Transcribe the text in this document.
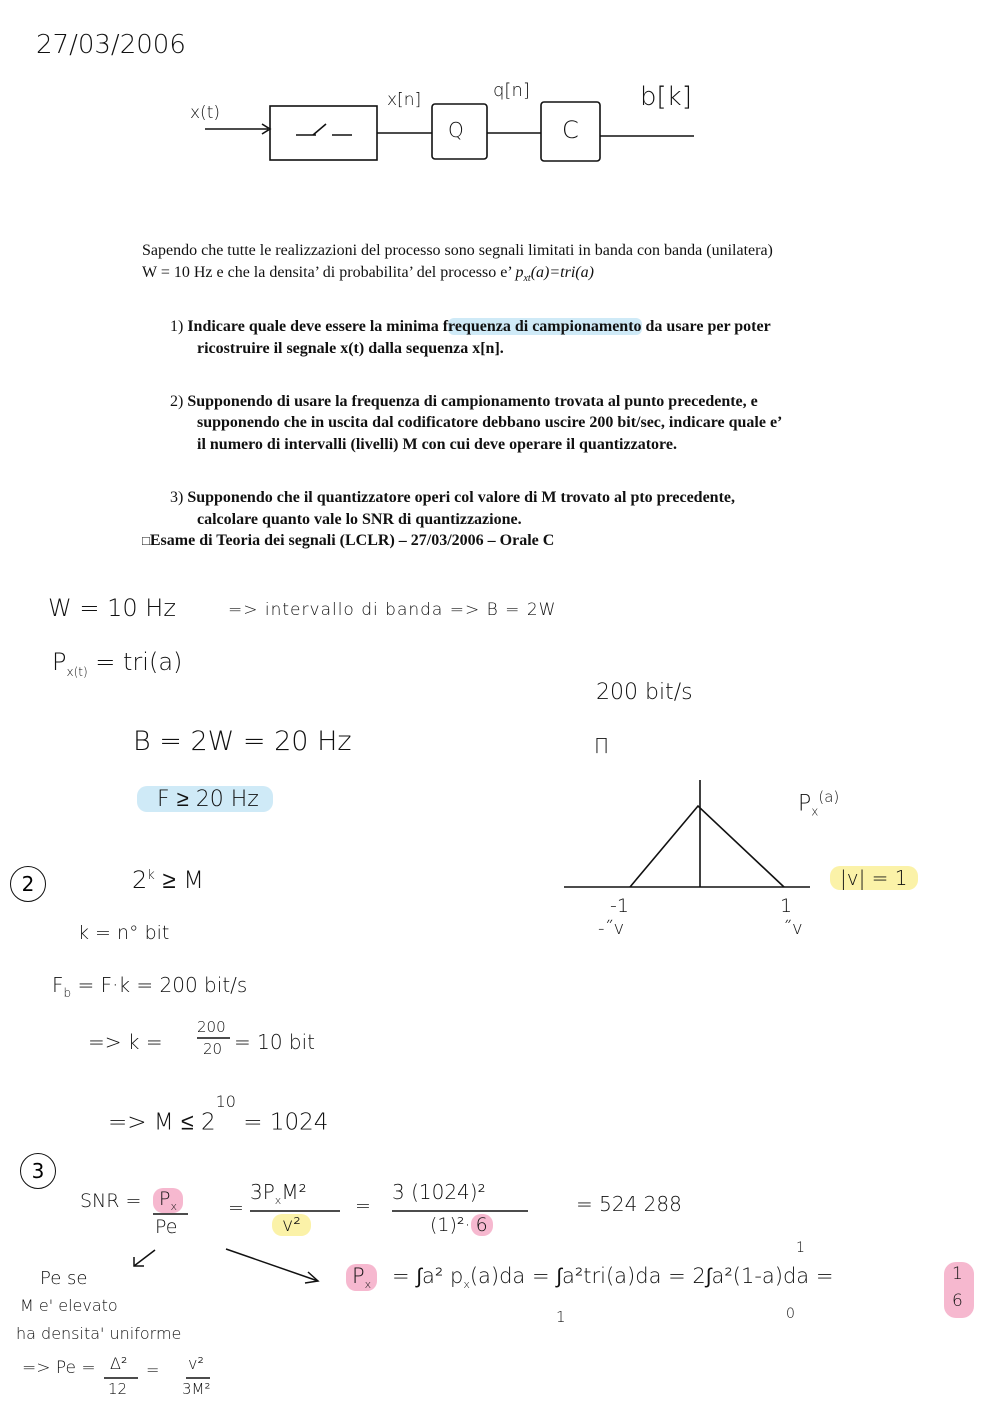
27/03/2006
x(t)
x[n]
Q
q[n]
C
b[k]
Sapendo che tutte le realizzazioni del processo sono segnali limitati in banda con banda (unilatera)
W = 10 Hz e che la densita’ di probabilita’ del processo e’ $p_{xt}(a)=tri(a)$
1) Indicare quale deve essere la minima frequenza di campionamento da usare per poter
ricostruire il segnale x(t) dalla sequenza x[n].
2) Supponendo di usare la frequenza di campionamento trovata al punto precedente, e
supponendo che in uscita dal codificatore debbano uscire 200 bit/sec, indicare quale e’
il numero di intervalli (livelli) M con cui deve operare il quantizzatore.
3) Supponendo che il quantizzatore operi col valore di M trovato al pto precedente,
calcolare quanto vale lo SNR di quantizzazione.
□Esame di Teoria dei segnali (LCLR) – 27/03/2006 – Orale C
W = 10 Hz	=> intervallo di banda => B = 2W
$P_{x(t)} = tri(a)$
200 bit/s
B = 2W = 20 Hz	Π
F ≥ 20 Hz	$P_x^{(a)}$
|v| = 1
-1
-˝v
1
˝v
2	$2^k \ge M$
k = n° bit
$F_b = F\cdot k = 200$ bit/s
=> k =
200
20 = 10 bit
=> $M \le 2^{10} = 1024$
3
SNR = $P_x$
Pe
=
$3P_xM^2$
v²
=
3 (1024)²
(1)²· 6
= 524 288
Pe se
M e' elevato
ha densita' uniforme
=> Pe = Δ²
12
= v²
3M²
$P_x = \int a^2$ $p_x(a)da = \int a^2tri(a)da = 2\int a^2(1-a)da$ =
1
1
0
1
6
